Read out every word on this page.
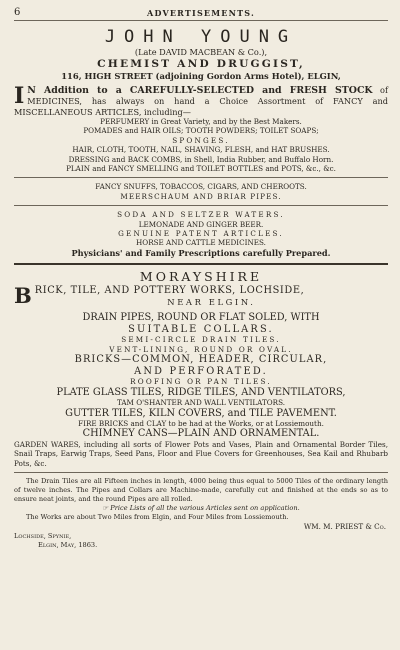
6	ADVERTISEMENTS.
JOHN YOUNG
(Late DAVID MACBEAN & Co.),
CHEMIST AND DRUGGIST,
116, HIGH STREET (adjoining Gordon Arms Hotel), ELGIN,
I N Addition to a CAREFULLY-SELECTED and FRESH STOCK of MEDICINES, has always on hand a Choice Assortment of FANCY and MISCELLANEOUS ARTICLES, including—
PERFUMERY in Great Variety, and by the Best Makers.
POMADES and HAIR OILS; TOOTH POWDERS; TOILET SOAPS;
SPONGES.
HAIR, CLOTH, TOOTH, NAIL, SHAVING, FLESH, and HAT BRUSHES.
DRESSING and BACK COMBS, in Shell, India Rubber, and Buffalo Horn.
PLAIN and FANCY SMELLING and TOILET BOTTLES and POTS, &c., &c.
FANCY SNUFFS, TOBACCOS, CIGARS, AND CHEROOTS.
MEERSCHAUM AND BRIAR PIPES.
SODA AND SELTZER WATERS.
LEMONADE AND GINGER BEER.
GENUINE PATENT ARTICLES.
HORSE AND CATTLE MEDICINES.
Physicians' and Family Prescriptions carefully Prepared.
MORAYSHIRE
B RICK, TILE, AND POTTERY WORKS, LOCHSIDE,

NEAR ELGIN.
DRAIN PIPES, ROUND OR FLAT SOLED, WITH
SUITABLE COLLARS.
SEMI-CIRCLE DRAIN TILES.
VENT-LINING, ROUND OR OVAL.
BRICKS—COMMON, HEADER, CIRCULAR,
AND PERFORATED.
ROOFING OR PAN TILES.
PLATE GLASS TILES, RIDGE TILES, AND VENTILATORS,
TAM O'SHANTER AND WALL VENTILATORS.
GUTTER TILES, KILN COVERS, and TILE PAVEMENT.
FIRE BRICKS and CLAY to be had at the Works, or at Lossiemouth.
CHIMNEY CANS—PLAIN AND ORNAMENTAL.
GARDEN WARES, including all sorts of Flower Pots and Vases, Plain and Ornamental Border Tiles, Snail Traps, Earwig Traps, Seed Pans, Floor and Flue Covers for Greenhouses, Sea Kail and Rhubarb Pots, &c.
The Drain Tiles are all Fifteen inches in length, 4000 being thus equal to 5000 Tiles of the ordinary length of twelve inches. The Pipes and Collars are Machine-made, carefully cut and finished at the ends so as to ensure neat joints, and the round Pipes are all rolled.
☞ Price Lists of all the various Articles sent on application.
The Works are about Two Miles from Elgin, and Four Miles from Lossiemouth.
WM. M. PRIEST & Co.
Lochside, Spynie,
Elgin, May, 1863.
